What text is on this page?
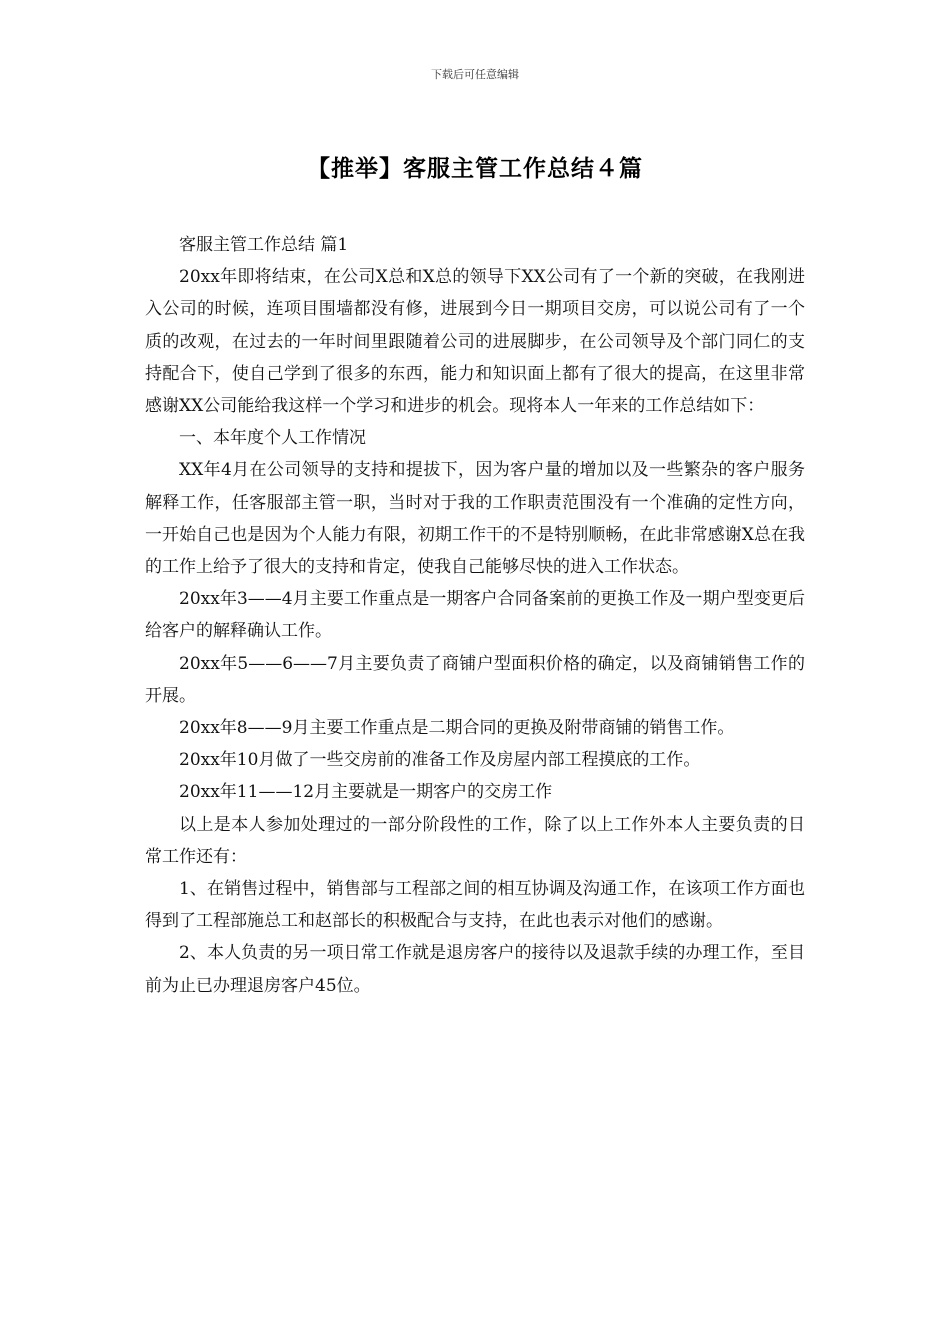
下载后可任意编辑
【推举】客服主管工作总结４篇

客服主管工作总结 篇1

20xx年即将结束，在公司X总和X总的领导下XX公司有了一个新的突破，在我刚进入公司的时候，连项目围墙都没有修，进展到今日一期项目交房，可以说公司有了一个质的改观，在过去的一年时间里跟随着公司的进展脚步，在公司领导及个部门同仁的支持配合下，使自己学到了很多的东西，能力和知识面上都有了很大的提高，在这里非常感谢XX公司能给我这样一个学习和进步的机会。现将本人一年来的工作总结如下：

一、本年度个人工作情况

XX年4月在公司领导的支持和提拔下，因为客户量的增加以及一些繁杂的客户服务解释工作，任客服部主管一职，当时对于我的工作职责范围没有一个准确的定性方向，一开始自己也是因为个人能力有限，初期工作干的不是特别顺畅，在此非常感谢X总在我的工作上给予了很大的支持和肯定，使我自己能够尽快的进入工作状态。

20xx年3——4月主要工作重点是一期客户合同备案前的更换工作及一期户型变更后给客户的解释确认工作。

20xx年5——6——7月主要负责了商铺户型面积价格的确定，以及商铺销售工作的开展。

20xx年8——9月主要工作重点是二期合同的更换及附带商铺的销售工作。

20xx年10月做了一些交房前的准备工作及房屋内部工程摸底的工作。

20xx年11——12月主要就是一期客户的交房工作

以上是本人参加处理过的一部分阶段性的工作，除了以上工作外本人主要负责的日常工作还有：

1、在销售过程中，销售部与工程部之间的相互协调及沟通工作，在该项工作方面也得到了工程部施总工和赵部长的积极配合与支持，在此也表示对他们的感谢。

2、本人负责的另一项日常工作就是退房客户的接待以及退款手续的办理工作，至目前为止已办理退房客户45位。
